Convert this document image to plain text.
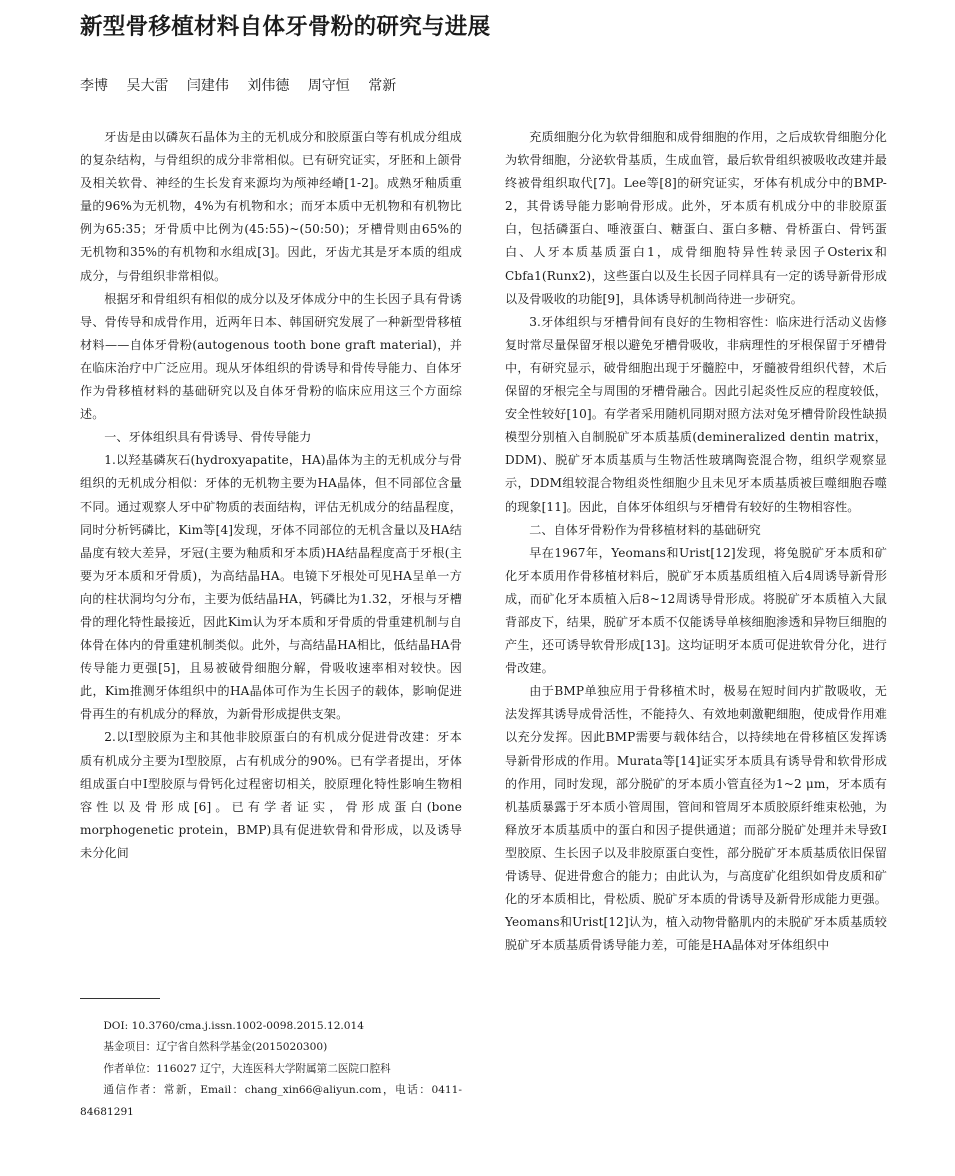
新型骨移植材料自体牙骨粉的研究与进展
李博 吴大雷 闫建伟 刘伟德 周守恒 常新

牙齿是由以磷灰石晶体为主的无机成分和胶原蛋白等有机成分组成的复杂结构，与骨组织的成分非常相似。已有研究证实，牙胚和上颌骨及相关软骨、神经的生长发育来源均为颅神经嵴[1-2]。成熟牙釉质重量的96%为无机物，4%为有机物和水；而牙本质中无机物和有机物比例为65:35；牙骨质中比例为(45:55)~(50:50)；牙槽骨则由65%的无机物和35%的有机物和水组成[3]。因此，牙齿尤其是牙本质的组成成分，与骨组织非常相似。

根据牙和骨组织有相似的成分以及牙体成分中的生长因子具有骨诱导、骨传导和成骨作用，近两年日本、韩国研究发展了一种新型骨移植材料——自体牙骨粉(autogenous tooth bone graft material)，并在临床治疗中广泛应用。现从牙体组织的骨诱导和骨传导能力、自体牙作为骨移植材料的基础研究以及自体牙骨粉的临床应用这三个方面综述。

一、牙体组织具有骨诱导、骨传导能力

1.以羟基磷灰石(hydroxyapatite，HA)晶体为主的无机成分与骨组织的无机成分相似：牙体的无机物主要为HA晶体，但不同部位含量不同。通过观察人牙中矿物质的表面结构，评估无机成分的结晶程度，同时分析钙磷比，Kim等[4]发现，牙体不同部位的无机含量以及HA结晶度有较大差异，牙冠(主要为釉质和牙本质)HA结晶程度高于牙根(主要为牙本质和牙骨质)，为高结晶HA。电镜下牙根处可见HA呈单一方向的柱状洞均匀分布，主要为低结晶HA，钙磷比为1.32，牙根与牙槽骨的理化特性最接近，因此Kim认为牙本质和牙骨质的骨重建机制与自体骨在体内的骨重建机制类似。此外，与高结晶HA相比，低结晶HA骨传导能力更强[5]，且易被破骨细胞分解，骨吸收速率相对较快。因此，Kim推测牙体组织中的HA晶体可作为生长因子的载体，影响促进骨再生的有机成分的释放，为新骨形成提供支架。

2.以Ⅰ型胶原为主和其他非胶原蛋白的有机成分促进骨改建：牙本质有机成分主要为Ⅰ型胶原，占有机成分的90%。已有学者提出，牙体组成蛋白中Ⅰ型胶原与骨钙化过程密切相关，胶原理化特性影响生物相容性以及骨形成[6]。已有学者证实，骨形成蛋白(bone morphogenetic protein，BMP)具有促进软骨和骨形成，以及诱导未分化间

DOI: 10.3760/cma.j.issn.1002-0098.2015.12.014

基金项目：辽宁省自然科学基金(2015020300)

作者单位：116027 辽宁，大连医科大学附属第二医院口腔科

通信作者：常新，Email：chang_xin66@aliyun.com，电话：0411-84681291

充质细胞分化为软骨细胞和成骨细胞的作用，之后成软骨细胞分化为软骨细胞，分泌软骨基质，生成血管，最后软骨组织被吸收改建并最终被骨组织取代[7]。Lee等[8]的研究证实，牙体有机成分中的BMP-2，其骨诱导能力影响骨形成。此外，牙本质有机成分中的非胶原蛋白，包括磷蛋白、唾液蛋白、糖蛋白、蛋白多糖、骨桥蛋白、骨钙蛋白、人牙本质基质蛋白1，成骨细胞特异性转录因子Osterix和Cbfa1(Runx2)，这些蛋白以及生长因子同样具有一定的诱导新骨形成以及骨吸收的功能[9]，具体诱导机制尚待进一步研究。

3.牙体组织与牙槽骨间有良好的生物相容性：临床进行活动义齿修复时常尽量保留牙根以避免牙槽骨吸收，非病理性的牙根保留于牙槽骨中，有研究显示，破骨细胞出现于牙髓腔中，牙髓被骨组织代替，术后保留的牙根完全与周围的牙槽骨融合。因此引起炎性反应的程度较低，安全性较好[10]。有学者采用随机同期对照方法对兔牙槽骨阶段性缺损模型分别植入自制脱矿牙本质基质(demineralized dentin matrix，DDM)、脱矿牙本质基质与生物活性玻璃陶瓷混合物，组织学观察显示，DDM组较混合物组炎性细胞少且未见牙本质基质被巨噬细胞吞噬的现象[11]。因此，自体牙体组织与牙槽骨有较好的生物相容性。

二、自体牙骨粉作为骨移植材料的基础研究

早在1967年，Yeomans和Urist[12]发现，将兔脱矿牙本质和矿化牙本质用作骨移植材料后，脱矿牙本质基质组植入后4周诱导新骨形成，而矿化牙本质植入后8~12周诱导骨形成。将脱矿牙本质植入大鼠背部皮下，结果，脱矿牙本质不仅能诱导单核细胞渗透和异物巨细胞的产生，还可诱导软骨形成[13]。这均证明牙本质可促进软骨分化，进行骨改建。

由于BMP单独应用于骨移植术时，极易在短时间内扩散吸收，无法发挥其诱导成骨活性，不能持久、有效地刺激靶细胞，使成骨作用难以充分发挥。因此BMP需要与载体结合，以持续地在骨移植区发挥诱导新骨形成的作用。Murata等[14]证实牙本质具有诱导骨和软骨形成的作用，同时发现，部分脱矿的牙本质小管直径为1~2 μm，牙本质有机基质暴露于牙本质小管周围，管间和管周牙本质胶原纤维束松弛，为释放牙本质基质中的蛋白和因子提供通道；而部分脱矿处理并未导致Ⅰ型胶原、生长因子以及非胶原蛋白变性，部分脱矿牙本质基质依旧保留骨诱导、促进骨愈合的能力；由此认为，与高度矿化组织如骨皮质和矿化的牙本质相比，骨松质、脱矿牙本质的骨诱导及新骨形成能力更强。Yeomans和Urist[12]认为，植入动物骨骼肌内的未脱矿牙本质基质较脱矿牙本质基质骨诱导能力差，可能是HA晶体对牙体组织中
